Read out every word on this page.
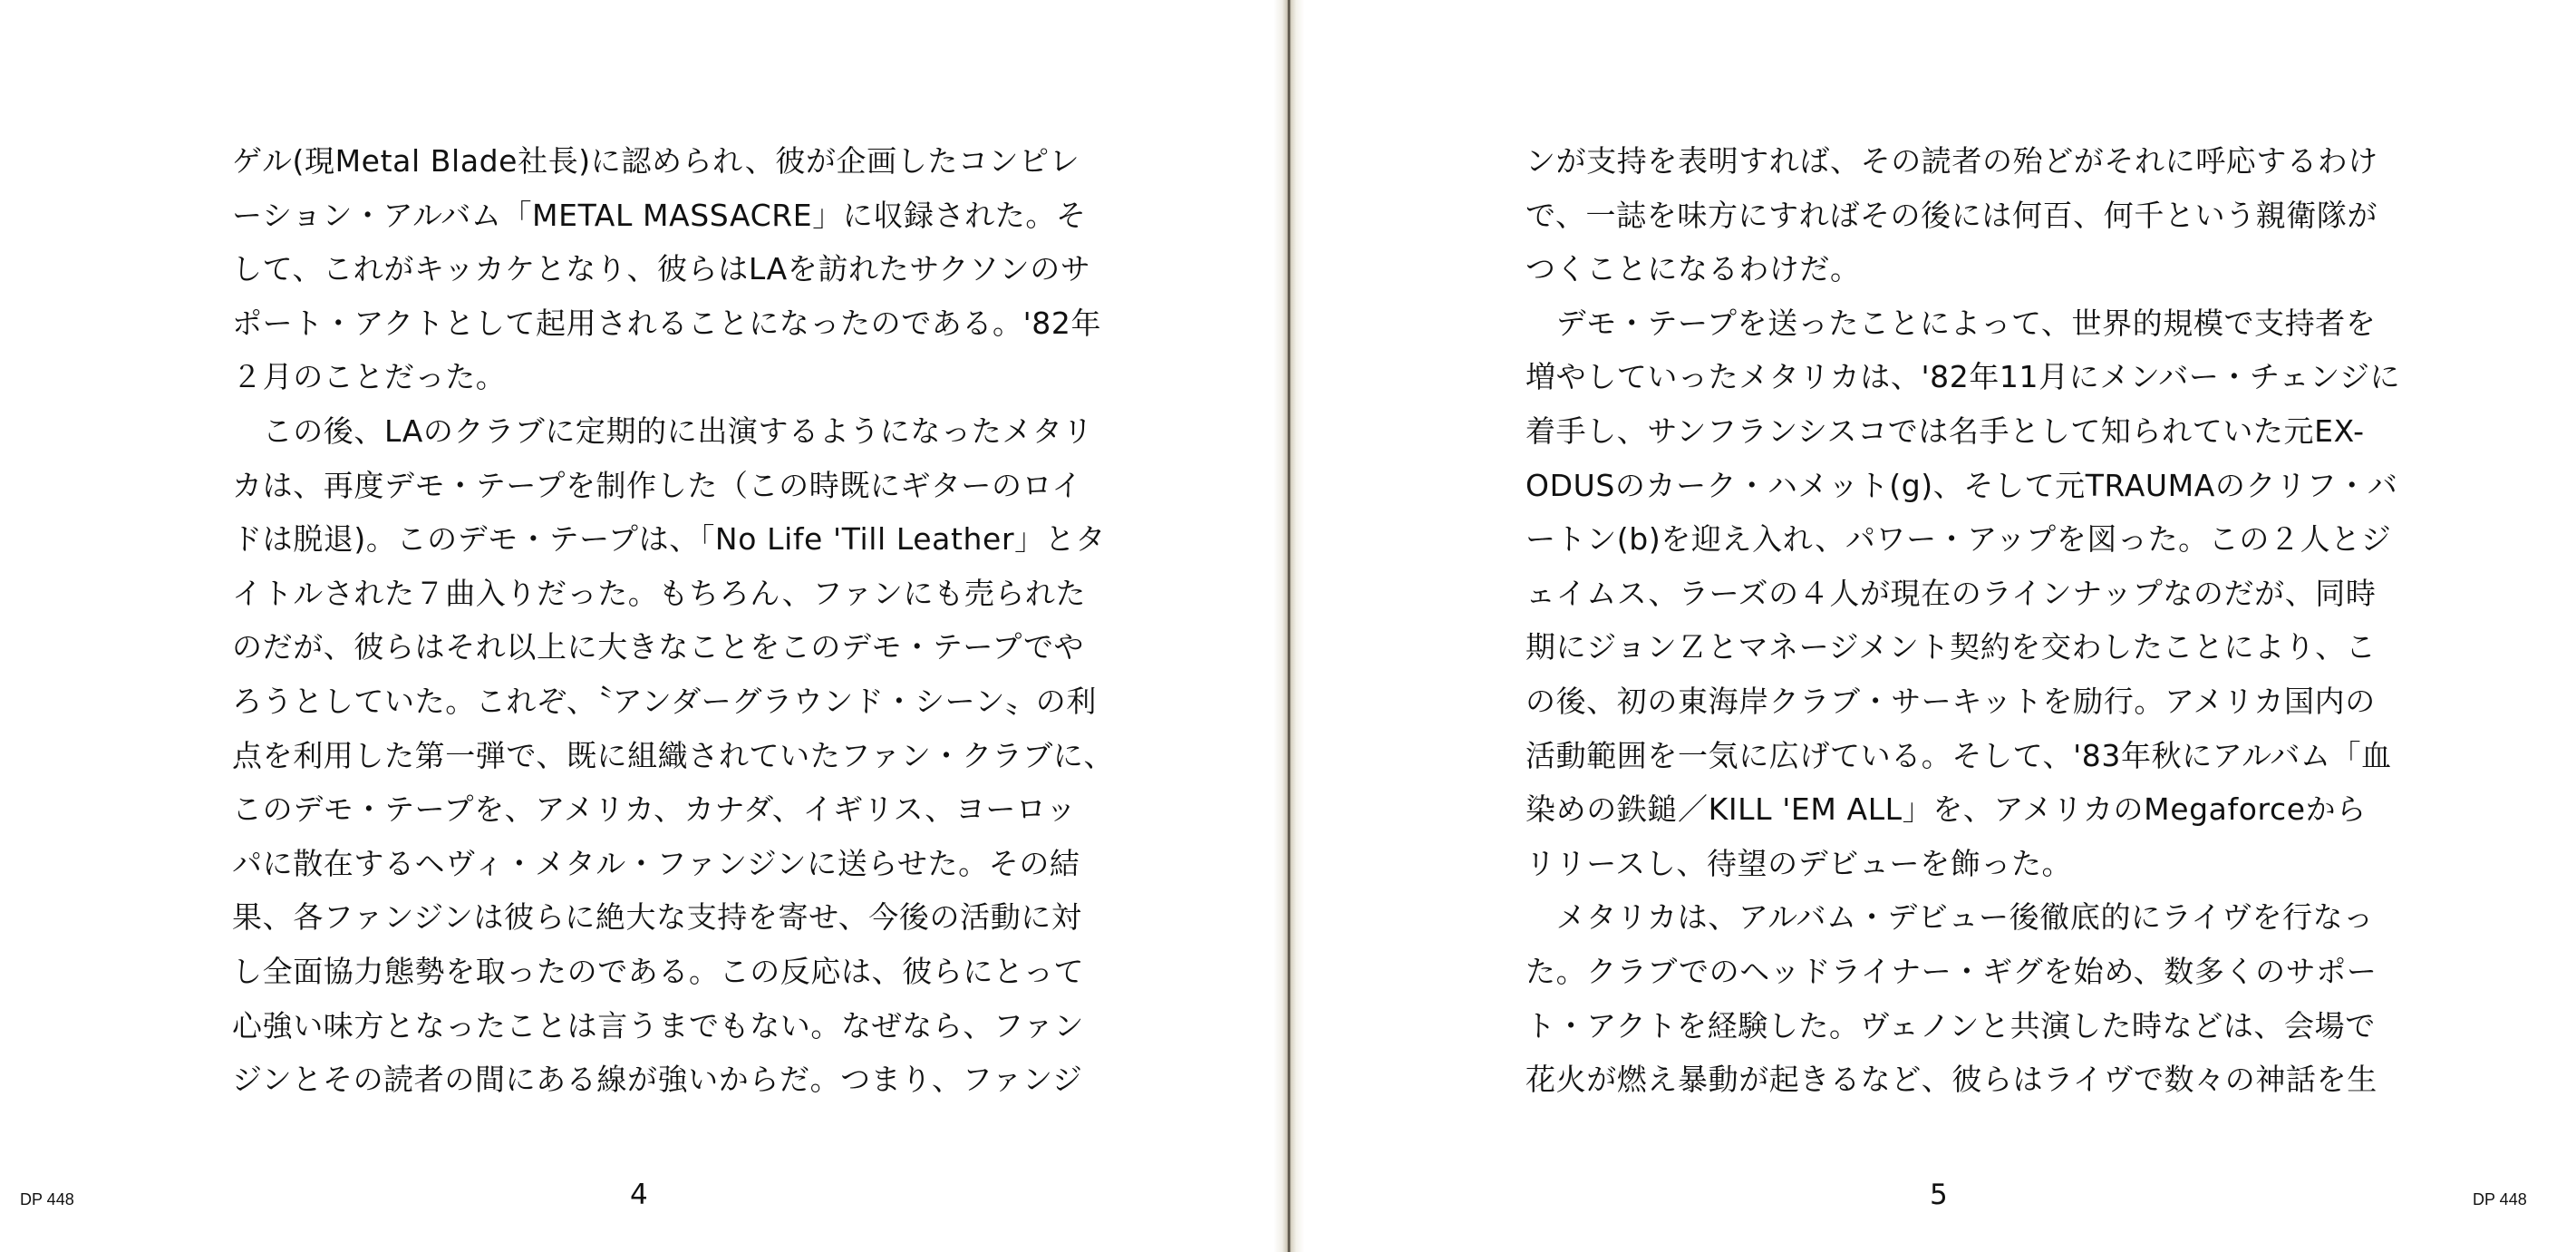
ゲル(現Metal Blade社長)に認められ、彼が企画したコンピレ
ーション・アルバム「METAL MASSACRE」に収録された。そ
して、これがキッカケとなり、彼らはLAを訪れたサクソンのサ
ポート・アクトとして起用されることになったのである。'82年
２月のことだった。
　この後、LAのクラブに定期的に出演するようになったメタリ
カは、再度デモ・テープを制作した（この時既にギターのロイ
ドは脱退)。このデモ・テープは、「No Life 'Till Leather」とタ
イトルされた７曲入りだった。もちろん、ファンにも売られた
のだが、彼らはそれ以上に大きなことをこのデモ・テープでや
ろうとしていた。これぞ、〝アンダーグラウンド・シーン〟の利
点を利用した第一弾で、既に組織されていたファン・クラブに、
このデモ・テープを、アメリカ、カナダ、イギリス、ヨーロッ
パに散在するヘヴィ・メタル・ファンジンに送らせた。その結
果、各ファンジンは彼らに絶大な支持を寄せ、今後の活動に対
し全面協力態勢を取ったのである。この反応は、彼らにとって
心強い味方となったことは言うまでもない。なぜなら、ファン
ジンとその読者の間にある線が強いからだ。つまり、ファンジ
4
DP 448
ンが支持を表明すれば、その読者の殆どがそれに呼応するわけ
で、一誌を味方にすればその後には何百、何千という親衛隊が
つくことになるわけだ。
　デモ・テープを送ったことによって、世界的規模で支持者を
増やしていったメタリカは、'82年11月にメンバー・チェンジに
着手し、サンフランシスコでは名手として知られていた元EX-
ODUSのカーク・ハメット(g)、そして元TRAUMAのクリフ・バ
ートン(b)を迎え入れ、パワー・アップを図った。この２人とジ
ェイムス、ラーズの４人が現在のラインナップなのだが、同時
期にジョンＺとマネージメント契約を交わしたことにより、こ
の後、初の東海岸クラブ・サーキットを励行。アメリカ国内の
活動範囲を一気に広げている。そして、'83年秋にアルバム「血
染めの鉄鎚／KILL 'EM ALL」を、アメリカのMegaforceから
リリースし、待望のデビューを飾った。
　メタリカは、アルバム・デビュー後徹底的にライヴを行なっ
た。クラブでのヘッドライナー・ギグを始め、数多くのサポー
ト・アクトを経験した。ヴェノンと共演した時などは、会場で
花火が燃え暴動が起きるなど、彼らはライヴで数々の神話を生
5	DP 448
